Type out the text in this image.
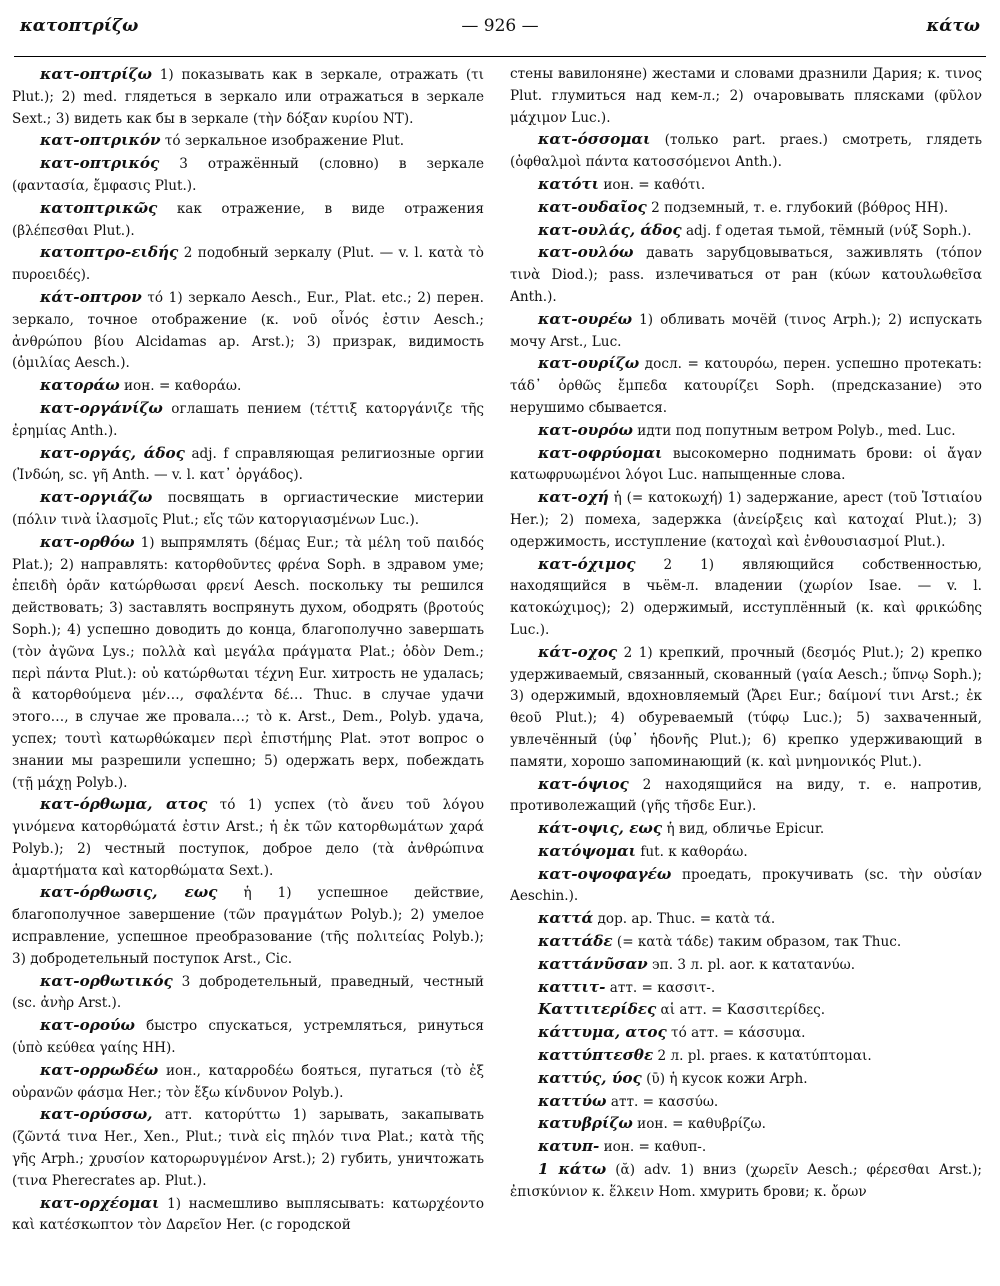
κατοπτρίζω	— 926 —	κάτω

κατ-οπτρίζω 1) показывать как в зеркале, отражать (τι Plut.); 2) med. глядеться в зеркало или отражаться в зеркале Sext.; 3) видеть как бы в зеркале (τὴν δόξαν κυρίου NT).

κατ-οπτρικόν τό зеркальное изображение Plut.

κατ-οπτρικός 3 отражённый (словно) в зеркале (φαντασία, ἔμφασις Plut.).

κατοπτρικῶς как отражение, в виде отражения (βλέπεσθαι Plut.).

κατοπτρο-ειδής 2 подобный зеркалу (Plut. — v. l. κατὰ τὸ πυροειδές).

κάτ-οπτρον τό 1) зеркало Aesch., Eur., Plat. etc.; 2) перен. зеркало, точное отображение (κ. νοῦ οἶνός ἐστιν Aesch.; ἀνθρώπου βίου Alcidamas ap. Arst.); 3) призрак, видимость (ὁμιλίας Aesch.).

κατοράω ион. = καθοράω.

κατ-οργάνίζω оглашать пением (τέττιξ κατοργάνιζε τῆς ἐρημίας Anth.).

κατ-οργάς, άδος adj. f справляющая религиозные оргии (Ἰνδώη, sc. γῆ Anth. — v. l. κατ᾽ ὀργάδος).

κατ-οργιάζω посвящать в оргиастические мистерии (πόλιν τινὰ ἱλασμοῖς Plut.; εἴς τῶν κατοργιασμένων Luc.).

κατ-ορθόω 1) выпрямлять (δέμας Eur.; τὰ μέλη τοῦ παιδός Plat.); 2) направлять: κατορθοῦντες φρένα Soph. в здравом уме; ἐπειδὴ ὁρᾶν κατώρθωσαι φρενί Aesch. поскольку ты решился действовать; 3) заставлять воспрянуть духом, ободрять (βροτούς Soph.); 4) успешно доводить до конца, благополучно завершать (τὸν ἀγῶνα Lys.; πολλὰ καὶ μεγάλα πράγματα Plat.; ὁδὸν Dem.; περὶ πάντα Plut.): οὐ κατώρθωται τέχνη Eur. хитрость не удалась; ἃ κατορθούμενα μέν…, σφαλέντα δέ… Thuc. в случае удачи этого…, в случае же провала…; τὸ κ. Arst., Dem., Polyb. удача, успех; τουτὶ κατωρθώκαμεν περὶ ἐπιστήμης Plat. этот вопрос о знании мы разрешили успешно; 5) одержать верх, побеждать (τῇ μάχῃ Polyb.).

κατ-όρθωμα, ατος τό 1) успех (τὸ ἄνευ τοῦ λόγου γινόμενα κατορθώματά ἐστιν Arst.; ἡ ἐκ τῶν κατορθωμάτων χαρά Polyb.); 2) честный поступок, доброе дело (τὰ ἀνθρώπινα ἁμαρτήματα καὶ κατορθώματα Sext.).

κατ-όρθωσις, εως ἡ 1) успешное действие, благополучное завершение (τῶν πραγμάτων Polyb.); 2) умелое исправление, успешное преобразование (τῆς πολιτείας Polyb.); 3) добродетельный поступок Arst., Cic.

κατ-ορθωτικός 3 добродетельный, праведный, честный (sc. ἀνὴρ Arst.).

κατ-ορούω быстро спускаться, устремляться, ринуться (ὑπὸ κεύθεα γαίης HH).

κατ-ορρωδέω ион., καταρροδέω бояться, пугаться (τὸ ἐξ οὐρανῶν φάσμα Her.; τὸν ἔξω κίνδυνον Polyb.).

κατ-ορύσσω, атт. κατορύττω 1) зарывать, закапывать (ζῶντά τινα Her., Xen., Plut.; τινὰ εἰς πηλόν τινα Plat.; κατὰ τῆς γῆς Arph.; χρυσίον κατορωρυγμένον Arst.); 2) губить, уничтожать (τινα Pherecrates ap. Plut.).

κατ-ορχέομαι 1) насмешливо выплясывать: κατωρχέοντο καὶ κατέσκωπτον τὸν Δαρεῖον Her. (с городской

стены вавилоняне) жестами и словами дразнили Дария; κ. τινος Plut. глумиться над кем-л.; 2) очаровывать плясками (φῦλον μάχιμον Luc.).

κατ-όσσομαι (только part. praes.) смотреть, глядеть (ὀφθαλμοὶ πάντα κατοσσόμενοι Anth.).

κατότι ион. = καθότι.

κατ-ουδαῖος 2 подземный, т. е. глубокий (βόθρος HH).

κατ-ουλάς, άδος adj. f одетая тьмой, тёмный (νύξ Soph.).

κατ-ουλόω давать зарубцовываться, заживлять (τόπον τινὰ Diod.); pass. излечиваться от ран (κύων κατουλωθεῖσα Anth.).

κατ-ουρέω 1) обливать мочёй (τινος Arph.); 2) испускать мочу Arst., Luc.

κατ-ουρίζω досл. = κατουρόω, перен. успешно протекать: τάδ᾽ ὀρθῶς ἔμπεδα κατουρίζει Soph. (предсказание) это нерушимо сбывается.

κατ-ουρόω идти под попутным ветром Polyb., med. Luc.

κατ-οφρύομαι высокомерно поднимать брови: οἱ ἄγαν κατωφρυωμένοι λόγοι Luc. напыщенные слова.

κατ-οχή ἡ (= κατοκωχή) 1) задержание, арест (τοῦ Ἱστιαίου Her.); 2) помеха, задержка (ἀνείρξεις καὶ κατοχαί Plut.); 3) одержимость, исступление (κατοχαὶ καὶ ἐνθουσιασμοί Plut.).

κατ-όχιμος 2 1) являющийся собственностью, находящийся в чьём-л. владении (χωρίον Isae. — v. l. κατοκώχιμος); 2) одержимый, исступлённый (κ. καὶ φρικώδης Luc.).

κάτ-οχος 2 1) крепкий, прочный (δεσμός Plut.); 2) крепко удерживаемый, связанный, скованный (γαία Aesch.; ὕπνῳ Soph.); 3) одержимый, вдохновляемый (Ἄρει Eur.; δαίμονί τινι Arst.; ἐκ θεοῦ Plut.); 4) обуреваемый (τύφῳ Luc.); 5) захваченный, увлечённый (ὑφ᾽ ἡδονῆς Plut.); 6) крепко удерживающий в памяти, хорошо запоминающий (κ. καὶ μνημονικός Plut.).

κατ-όψιος 2 находящийся на виду, т. е. напротив, противолежащий (γῆς τῆσδε Eur.).

κάτ-οψις, εως ἡ вид, обличье Epicur.

κατόψομαι fut. к καθοράω.

κατ-οψοφαγέω проедать, прокучивать (sc. τὴν οὐσίαν Aeschin.).

καττά дор. ap. Thuc. = κατὰ τά.

καττάδε (= κατὰ τάδε) таким образом, так Thuc.

καττάνῦσαν эп. 3 л. pl. aor. к κατατανύω.

καττιτ- атт. = κασσιτ-.

Καττιτερίδες αἱ атт. = Κασσιτερίδες.

κάττυμα, ατος τό атт. = κάσσυμα.

καττύπτεσθε 2 л. pl. praes. к κατατύπτομαι.

καττύς, ύος (ῡ) ἡ кусок кожи Arph.

καττύω атт. = κασσύω.

κατυβρίζω ион. = καθυβρίζω.

κατυπ- ион. = καθυπ-.

1 κάτω (ᾰ) adv. 1) вниз (χωρεῖν Aesch.; φέρεσθαι Arst.); ἐπισκύνιον κ. ἕλκειν Hom. хмурить брови; κ. ὄρων
